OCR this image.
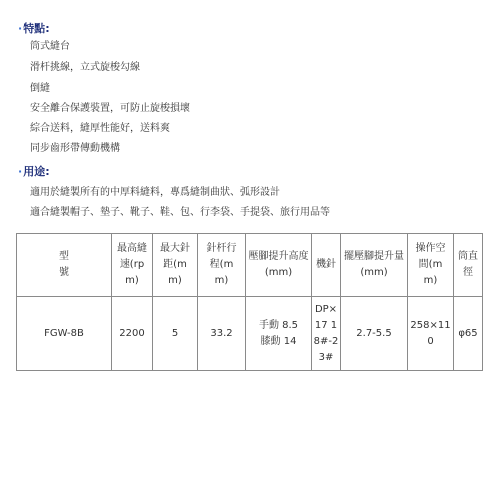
·特點:
筒式縫台
滑杆挑線，立式旋梭勾線
倒縫
安全離合保護裝置，可防止旋梭損壞
綜合送料，縫厚性能好，送料爽
同步齒形帶傳動機構
·用途:
適用於縫製所有的中厚料縫料，專爲縫制曲狀、弧形設計
適合縫製帽子、墊子、靴子、鞋、包、行李袋、手提袋、旅行用品等
型號	最高縫速(rpm)	最大針距(mm)	針杆行程(mm)	壓腳提升高度(mm)	機針	擺壓腳提升量(mm)	操作空間(mm)	筒直徑
FGW-8B	2200	5	33.2	手動 8.5
膝動 14	DP×17 18#-23#	2.7-5.5	258×110	φ65
